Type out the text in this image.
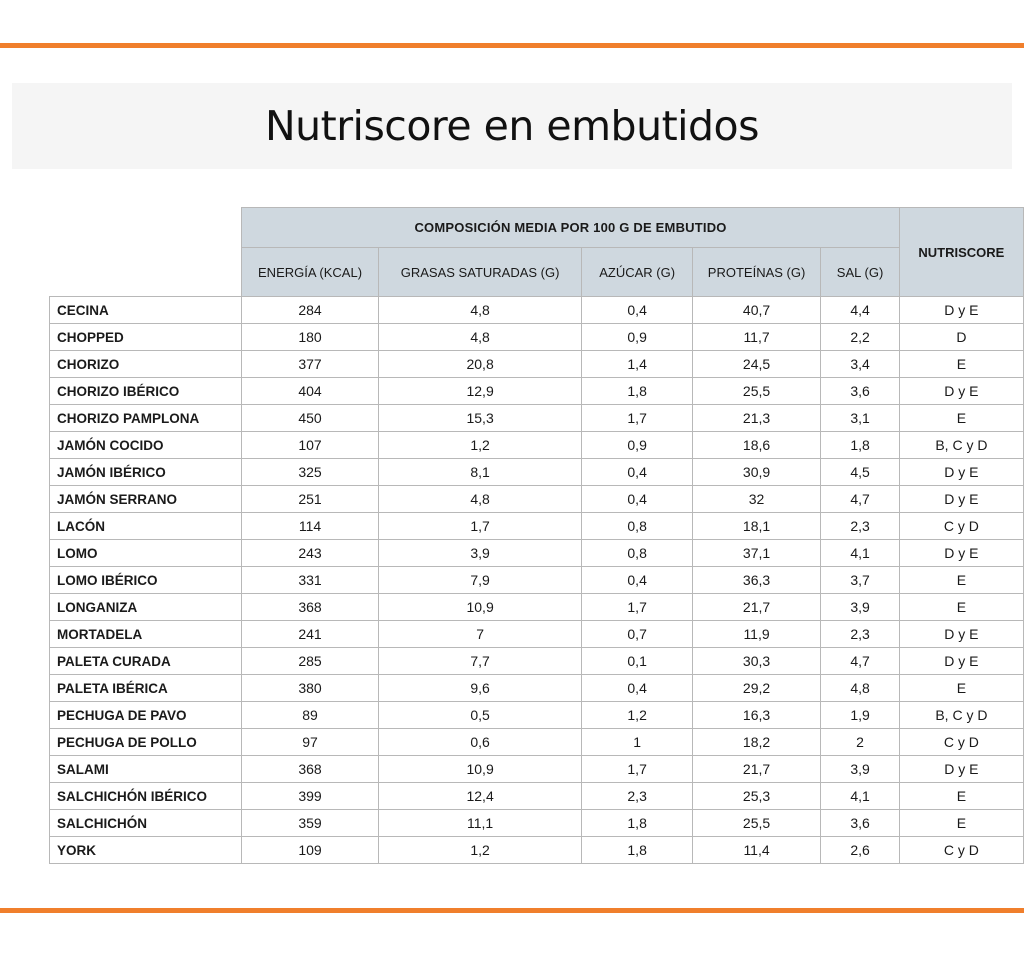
Nutriscore en embutidos
	COMPOSICIÓN MEDIA POR 100 G DE EMBUTIDO					NUTRISCORE
	ENERGÍA (KCAL)	GRASAS SATURADAS (G)	AZÚCAR (G)	PROTEÍNAS (G)	SAL (G)	
CECINA	284	4,8	0,4	40,7	4,4	D y E
CHOPPED	180	4,8	0,9	11,7	2,2	D
CHORIZO	377	20,8	1,4	24,5	3,4	E
CHORIZO IBÉRICO	404	12,9	1,8	25,5	3,6	D y E
CHORIZO PAMPLONA	450	15,3	1,7	21,3	3,1	E
JAMÓN COCIDO	107	1,2	0,9	18,6	1,8	B, C y D
JAMÓN IBÉRICO	325	8,1	0,4	30,9	4,5	D y E
JAMÓN SERRANO	251	4,8	0,4	32	4,7	D y E
LACÓN	114	1,7	0,8	18,1	2,3	C y D
LOMO	243	3,9	0,8	37,1	4,1	D y E
LOMO IBÉRICO	331	7,9	0,4	36,3	3,7	E
LONGANIZA	368	10,9	1,7	21,7	3,9	E
MORTADELA	241	7	0,7	11,9	2,3	D y E
PALETA CURADA	285	7,7	0,1	30,3	4,7	D y E
PALETA IBÉRICA	380	9,6	0,4	29,2	4,8	E
PECHUGA DE PAVO	89	0,5	1,2	16,3	1,9	B, C y D
PECHUGA DE POLLO	97	0,6	1	18,2	2	C y D
SALAMI	368	10,9	1,7	21,7	3,9	D y E
SALCHICHÓN IBÉRICO	399	12,4	2,3	25,3	4,1	E
SALCHICHÓN	359	11,1	1,8	25,5	3,6	E
YORK	109	1,2	1,8	11,4	2,6	C y D
